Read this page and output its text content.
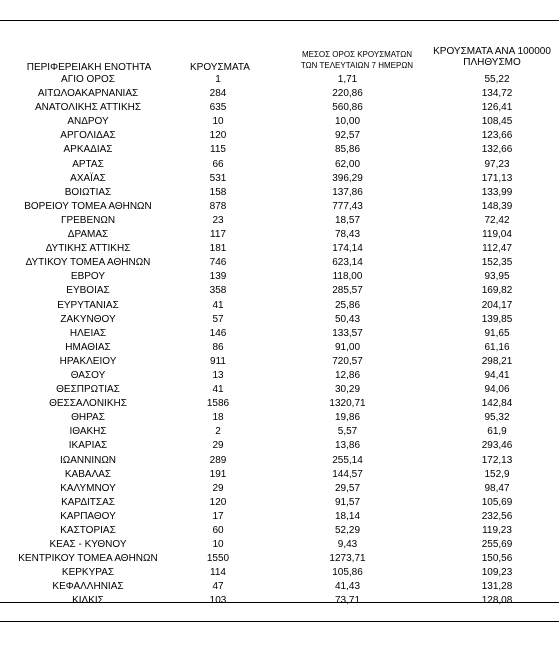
ΠΕΡΙΦΕΡΕΙΑΚΗ ΕΝΟΤΗΤΑ	ΚΡΟΥΣΜΑΤΑ
ΜΕΣΟΣ ΟΡΟΣ ΚΡΟΥΣΜΑΤΩΝ
ΤΩΝ ΤΕΛΕΥΤΑΙΩΝ 7 ΗΜΕΡΩΝ
ΚΡΟΥΣΜΑΤΑ ΑΝΑ 100000
ΠΛΗΘΥΣΜΟ
ΑΓΙΟ ΟΡΟΣ	1	1,71	55,22
ΑΙΤΩΛΟΑΚΑΡΝΑΝΙΑΣ	284	220,86	134,72
ΑΝΑΤΟΛΙΚΗΣ ΑΤΤΙΚΗΣ	635	560,86	126,41
ΑΝΔΡΟΥ	10	10,00	108,45
ΑΡΓΟΛΙΔΑΣ	120	92,57	123,66
ΑΡΚΑΔΙΑΣ	115	85,86	132,66
ΑΡΤΑΣ	66	62,00	97,23
ΑΧΑΪΑΣ	531	396,29	171,13
ΒΟΙΩΤΙΑΣ	158	137,86	133,99
ΒΟΡΕΙΟΥ ΤΟΜΕΑ ΑΘΗΝΩΝ	878	777,43	148,39
ΓΡΕΒΕΝΩΝ	23	18,57	72,42
ΔΡΑΜΑΣ	117	78,43	119,04
ΔΥΤΙΚΗΣ ΑΤΤΙΚΗΣ	181	174,14	112,47
ΔΥΤΙΚΟΥ ΤΟΜΕΑ ΑΘΗΝΩΝ	746	623,14	152,35
ΕΒΡΟΥ	139	118,00	93,95
ΕΥΒΟΙΑΣ	358	285,57	169,82
ΕΥΡΥΤΑΝΙΑΣ	41	25,86	204,17
ΖΑΚΥΝΘΟΥ	57	50,43	139,85
ΗΛΕΙΑΣ	146	133,57	91,65
ΗΜΑΘΙΑΣ	86	91,00	61,16
ΗΡΑΚΛΕΙΟΥ	911	720,57	298,21
ΘΑΣΟΥ	13	12,86	94,41
ΘΕΣΠΡΩΤΙΑΣ	41	30,29	94,06
ΘΕΣΣΑΛΟΝΙΚΗΣ	1586	1320,71	142,84
ΘΗΡΑΣ	18	19,86	95,32
ΙΘΑΚΗΣ	2	5,57	61,9
ΙΚΑΡΙΑΣ	29	13,86	293,46
ΙΩΑΝΝΙΝΩΝ	289	255,14	172,13
ΚΑΒΑΛΑΣ	191	144,57	152,9
ΚΑΛΥΜΝΟΥ	29	29,57	98,47
ΚΑΡΔΙΤΣΑΣ	120	91,57	105,69
ΚΑΡΠΑΘΟΥ	17	18,14	232,56
ΚΑΣΤΟΡΙΑΣ	60	52,29	119,23
ΚΕΑΣ - ΚΥΘΝΟΥ	10	9,43	255,69
ΚΕΝΤΡΙΚΟΥ ΤΟΜΕΑ ΑΘΗΝΩΝ	1550	1273,71	150,56
ΚΕΡΚΥΡΑΣ	114	105,86	109,23
ΚΕΦΑΛΛΗΝΙΑΣ	47	41,43	131,28
ΚΙΛΚΙΣ	103	73,71	128,08
